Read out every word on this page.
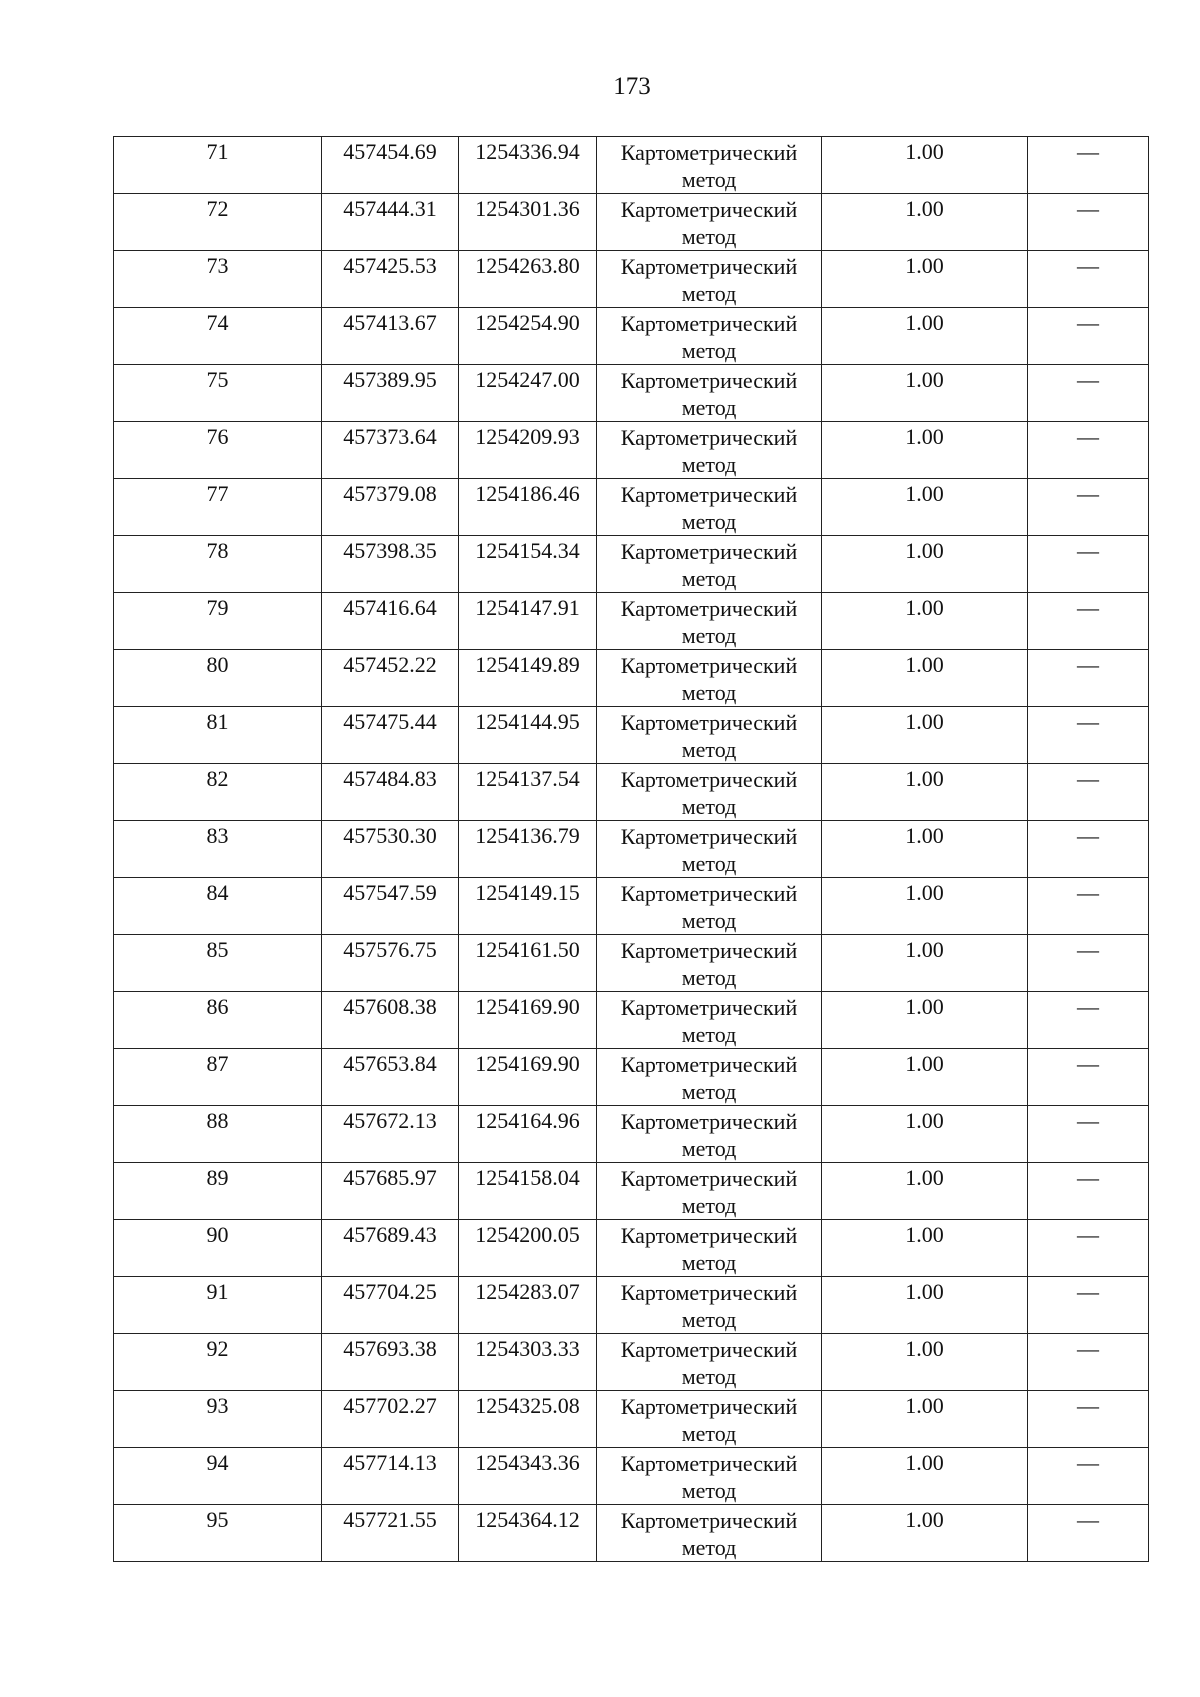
173
71	457454.69	1254336.94	Картометрический метод	1.00	—
72	457444.31	1254301.36	Картометрический метод	1.00	—
73	457425.53	1254263.80	Картометрический метод	1.00	—
74	457413.67	1254254.90	Картометрический метод	1.00	—
75	457389.95	1254247.00	Картометрический метод	1.00	—
76	457373.64	1254209.93	Картометрический метод	1.00	—
77	457379.08	1254186.46	Картометрический метод	1.00	—
78	457398.35	1254154.34	Картометрический метод	1.00	—
79	457416.64	1254147.91	Картометрический метод	1.00	—
80	457452.22	1254149.89	Картометрический метод	1.00	—
81	457475.44	1254144.95	Картометрический метод	1.00	—
82	457484.83	1254137.54	Картометрический метод	1.00	—
83	457530.30	1254136.79	Картометрический метод	1.00	—
84	457547.59	1254149.15	Картометрический метод	1.00	—
85	457576.75	1254161.50	Картометрический метод	1.00	—
86	457608.38	1254169.90	Картометрический метод	1.00	—
87	457653.84	1254169.90	Картометрический метод	1.00	—
88	457672.13	1254164.96	Картометрический метод	1.00	—
89	457685.97	1254158.04	Картометрический метод	1.00	—
90	457689.43	1254200.05	Картометрический метод	1.00	—
91	457704.25	1254283.07	Картометрический метод	1.00	—
92	457693.38	1254303.33	Картометрический метод	1.00	—
93	457702.27	1254325.08	Картометрический метод	1.00	—
94	457714.13	1254343.36	Картометрический метод	1.00	—
95	457721.55	1254364.12	Картометрический метод	1.00	—
